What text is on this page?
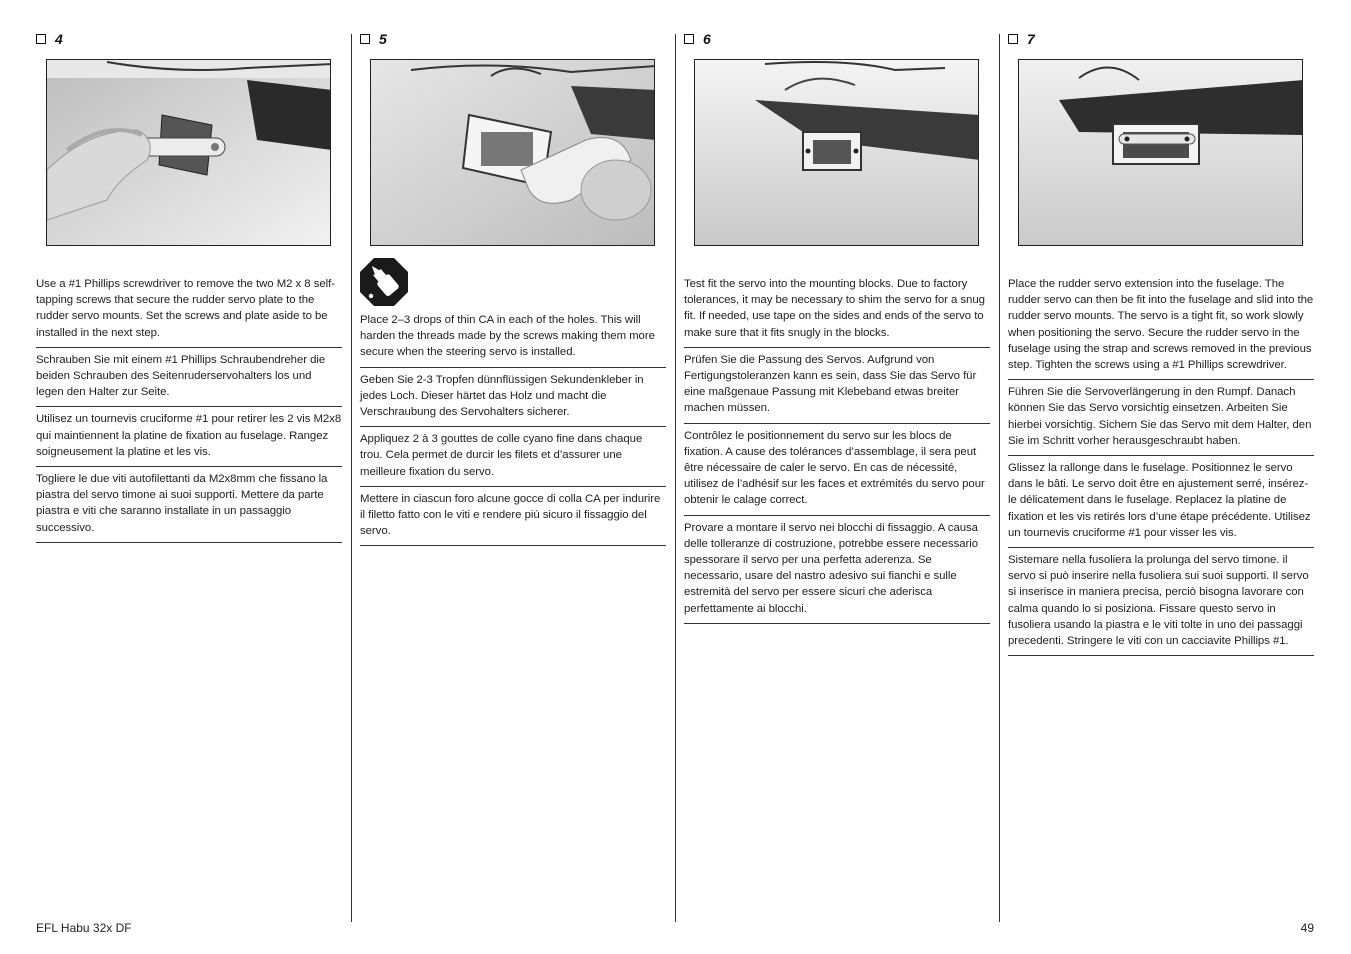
4

Use a #1 Phillips screwdriver to remove the two M2 x 8 self-tapping screws that secure the rudder servo plate to the rudder servo mounts. Set the screws and plate aside to be installed in the next step.

Schrauben Sie mit einem #1 Phillips Schraubendreher die beiden Schrauben des Seitenruderservohalters los und legen den Halter zur Seite.

Utilisez un tournevis cruciforme #1 pour retirer les 2 vis M2x8 qui maintiennent la platine de fixation au fuselage. Rangez soigneusement la platine et les vis.

Togliere le due viti autofilettanti da M2x8mm che fissano la piastra del servo timone ai suoi supporti. Mettere da parte piastra e viti che saranno installate in un passaggio successivo.

5

Place 2–3 drops of thin CA in each of the holes. This will harden the threads made by the screws making them more secure when the steering servo is installed.

Geben Sie 2-3 Tropfen dünnflüssigen Sekundenkleber in jedes Loch. Dieser härtet das Holz und macht die Verschraubung des Servohalters sicherer.

Appliquez 2 à 3 gouttes de colle cyano fine dans chaque trou. Cela permet de durcir les filets et d’assurer une meilleure fixation du servo.

Mettere in ciascun foro alcune gocce di colla CA per indurire il filetto fatto con le viti e rendere più sicuro il fissaggio del servo.

6

Test fit the servo into the mounting blocks. Due to factory tolerances, it may be necessary to shim the servo for a snug fit. If needed, use tape on the sides and ends of the servo to make sure that it fits snugly in the blocks.

Prüfen Sie die Passung des Servos. Aufgrund von Fertigungstoleranzen kann es sein, dass Sie das Servo für eine maßgenaue Passung mit Klebeband etwas breiter machen müssen.

Contrôlez le positionnement du servo sur les blocs de fixation. A cause des tolérances d’assemblage, il sera peut être nécessaire de caler le servo. En cas de nécessité, utilisez de l’adhésif sur les faces et extrémités du servo pour obtenir le calage correct.

Provare a montare il servo nei blocchi di fissaggio. A causa delle tolleranze di costruzione, potrebbe essere necessario spessorare il servo per una perfetta aderenza. Se necessario, usare del nastro adesivo sui fianchi e sulle estremità del servo per essere sicuri che aderisca perfettamente ai blocchi.

7

Place the rudder servo extension into the fuselage. The rudder servo can then be fit into the fuselage and slid into the rudder servo mounts. The servo is a tight fit, so work slowly when positioning the servo. Secure the rudder servo in the fuselage using the strap and screws removed in the previous step. Tighten the screws using a #1 Phillips screwdriver.

Führen Sie die Servoverlängerung in den Rumpf. Danach können Sie das Servo vorsichtig einsetzen. Arbeiten Sie hierbei vorsichtig. Sichern Sie das Servo mit dem Halter, den Sie im Schritt vorher herausgeschraubt haben.

Glissez la rallonge dans le fuselage. Positionnez le servo dans le bâti. Le servo doit être en ajustement serré, insérez-le délicatement dans le fuselage. Replacez la platine de fixation et les vis retirés lors d’une étape précédente. Utilisez un tournevis cruciforme #1 pour visser les vis.

Sistemare nella fusoliera la prolunga del servo timone. il servo si può inserire nella fusoliera sui suoi supporti. Il servo si inserisce in maniera precisa, perciò bisogna lavorare con calma quando lo si posiziona. Fissare questo servo in fusoliera usando la piastra e le viti tolte in uno dei passaggi precedenti. Stringere le viti con un cacciavite Phillips #1.

EFL Habu 32x DF	49
